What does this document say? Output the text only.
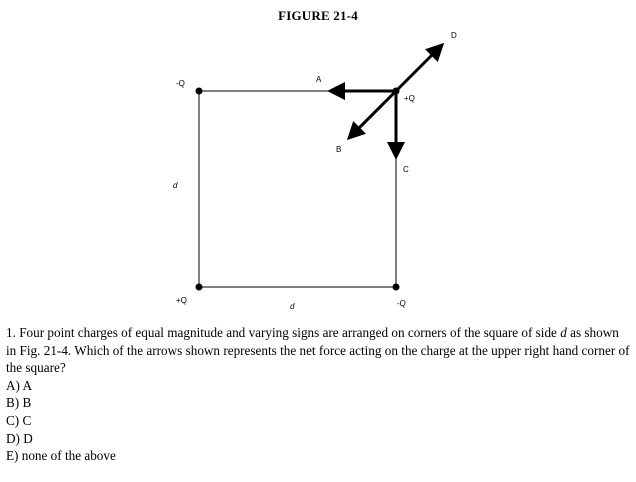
FIGURE 21-4
-Q
+Q
+Q	-Q
d
d
A
B
C
D

1. Four point charges of equal magnitude and varying signs are arranged on corners of the square of side d as shown in Fig. 21-4. Which of the arrows shown represents the net force acting on the charge at the upper right hand corner of the square?

A) A
B) B
C) C
D) D
E) none of the above
